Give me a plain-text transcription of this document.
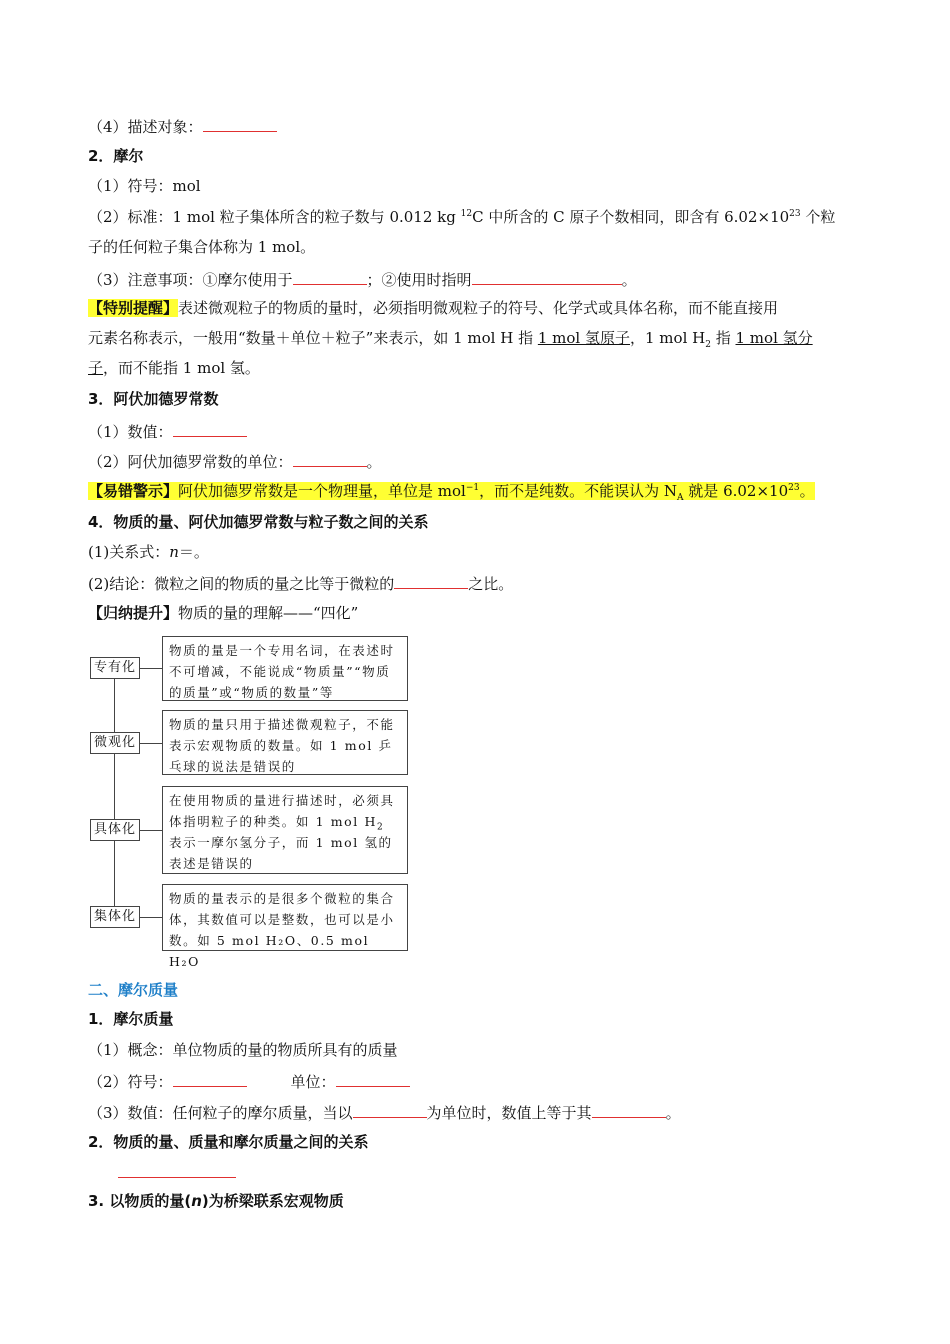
（4）描述对象：
2．摩尔
（1）符号：mol
（2）标准：1 mol 粒子集体所含的粒子数与 0.012 kg $^{12}$C 中所含的 C 原子个数相同，即含有 $6.02\times 10^{23}$ 个粒
子的任何粒子集合体称为 1 mol。
（3）注意事项：①摩尔使用于	；②使用时指明	。
【特别提醒】表述微观粒子的物质的量时，必须指明微观粒子的符号、化学式或具体名称，而不能直接用
元素名称表示，一般用“数量＋单位＋粒子”来表示，如 1 mol H 指 1 mol 氢原子，1 mol $H_2$ 指 1 mol 氢分
子，而不能指 1 mol 氢。
3．阿伏加德罗常数
（1）数值：
（2）阿伏加德罗常数的单位：	。
【易错警示】阿伏加德罗常数是一个物理量，单位是 mol$^{-1}$，而不是纯数。不能误认为 $N_A$ 就是 $6.02\times 10^{23}$。
4．物质的量、阿伏加德罗常数与粒子数之间的关系
(1)关系式：n＝。
(2)结论：微粒之间的物质的量之比等于微粒的	之比。
【归纳提升】物质的量的理解——“四化”
专有化
物质的量是一个专用名词，在表述时不可增减，不能说成“物质量”“物质的质量”或“物质的数量”等
微观化
物质的量只用于描述微观粒子，不能表示宏观物质的数量。如 1 mol 乒乓球的说法是错误的
具体化
在使用物质的量进行描述时，必须具体指明粒子的种类。如 1 mol $H_2$ 表示一摩尔氢分子，而 1 mol 氢的表述是错误的
集体化
物质的量表示的是很多个微粒的集合体，其数值可以是整数，也可以是小数。如 5 mol H₂O、0.5 mol H₂O
二、摩尔质量
1．摩尔质量
（1）概念：单位物质的量的物质所具有的质量
（2）符号：	单位：
（3）数值：任何粒子的摩尔质量，当以	为单位时，数值上等于其	。
2．物质的量、质量和摩尔质量之间的关系
3. 以物质的量(n)为桥梁联系宏观物质
